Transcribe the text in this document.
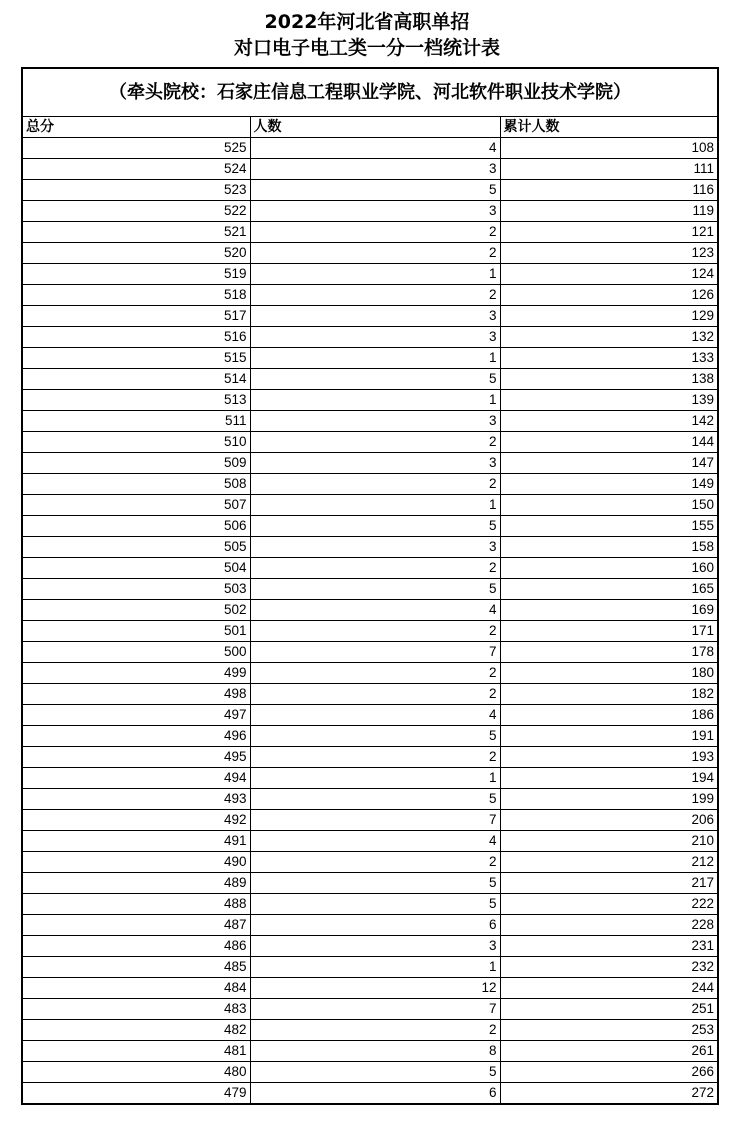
2022年河北省高职单招
对口电子电工类一分一档统计表
（牵头院校：石家庄信息工程职业学院、河北软件职业技术学院）
总分	人数	累计人数
525	4	108
524	3	111
523	5	116
522	3	119
521	2	121
520	2	123
519	1	124
518	2	126
517	3	129
516	3	132
515	1	133
514	5	138
513	1	139
511	3	142
510	2	144
509	3	147
508	2	149
507	1	150
506	5	155
505	3	158
504	2	160
503	5	165
502	4	169
501	2	171
500	7	178
499	2	180
498	2	182
497	4	186
496	5	191
495	2	193
494	1	194
493	5	199
492	7	206
491	4	210
490	2	212
489	5	217
488	5	222
487	6	228
486	3	231
485	1	232
484	12	244
483	7	251
482	2	253
481	8	261
480	5	266
479	6	272
